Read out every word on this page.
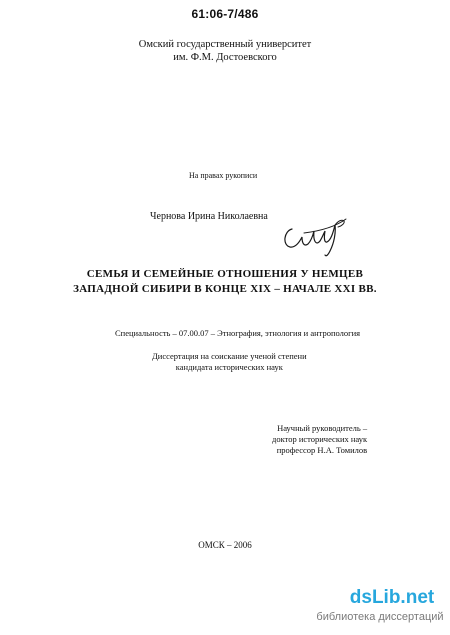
61:06-7/486
Омский государственный университет
им. Ф.М. Достоевского
На правах рукописи
Чернова Ирина Николаевна
СЕМЬЯ И СЕМЕЙНЫЕ ОТНОШЕНИЯ У НЕМЦЕВ
ЗАПАДНОЙ СИБИРИ В КОНЦЕ XIX – НАЧАЛЕ XXI ВВ.
Специальность – 07.00.07 – Этнография, этнология и антропология
Диссертация на соискание ученой степени
кандидата исторических наук
Научный руководитель –
доктор исторических наук
профессор Н.А. Томилов
ОМСК – 2006
dsLib.net
библиотека диссертаций
